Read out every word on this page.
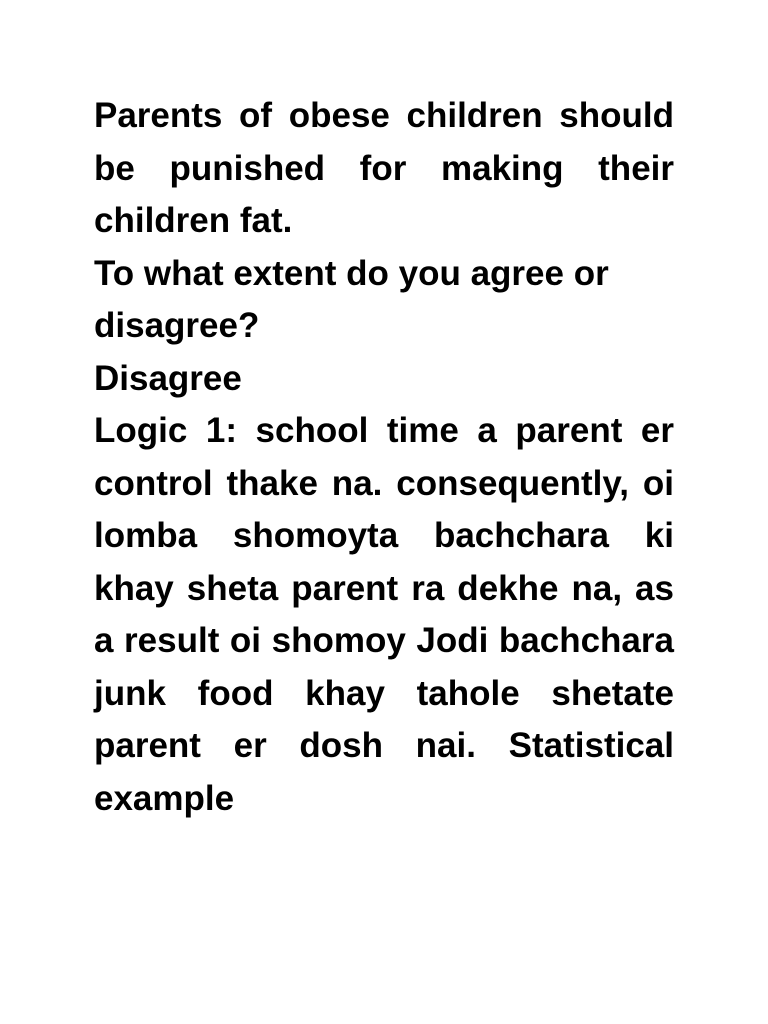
Parents of obese children should be punished for making their children fat.

To what extent do you agree or disagree?

Disagree

Logic 1: school time a parent er control thake na. consequently, oi lomba shomoyta bachchara ki khay sheta parent ra dekhe na, as a result oi shomoy Jodi bachchara junk food khay tahole shetate parent er dosh nai. Statistical example
